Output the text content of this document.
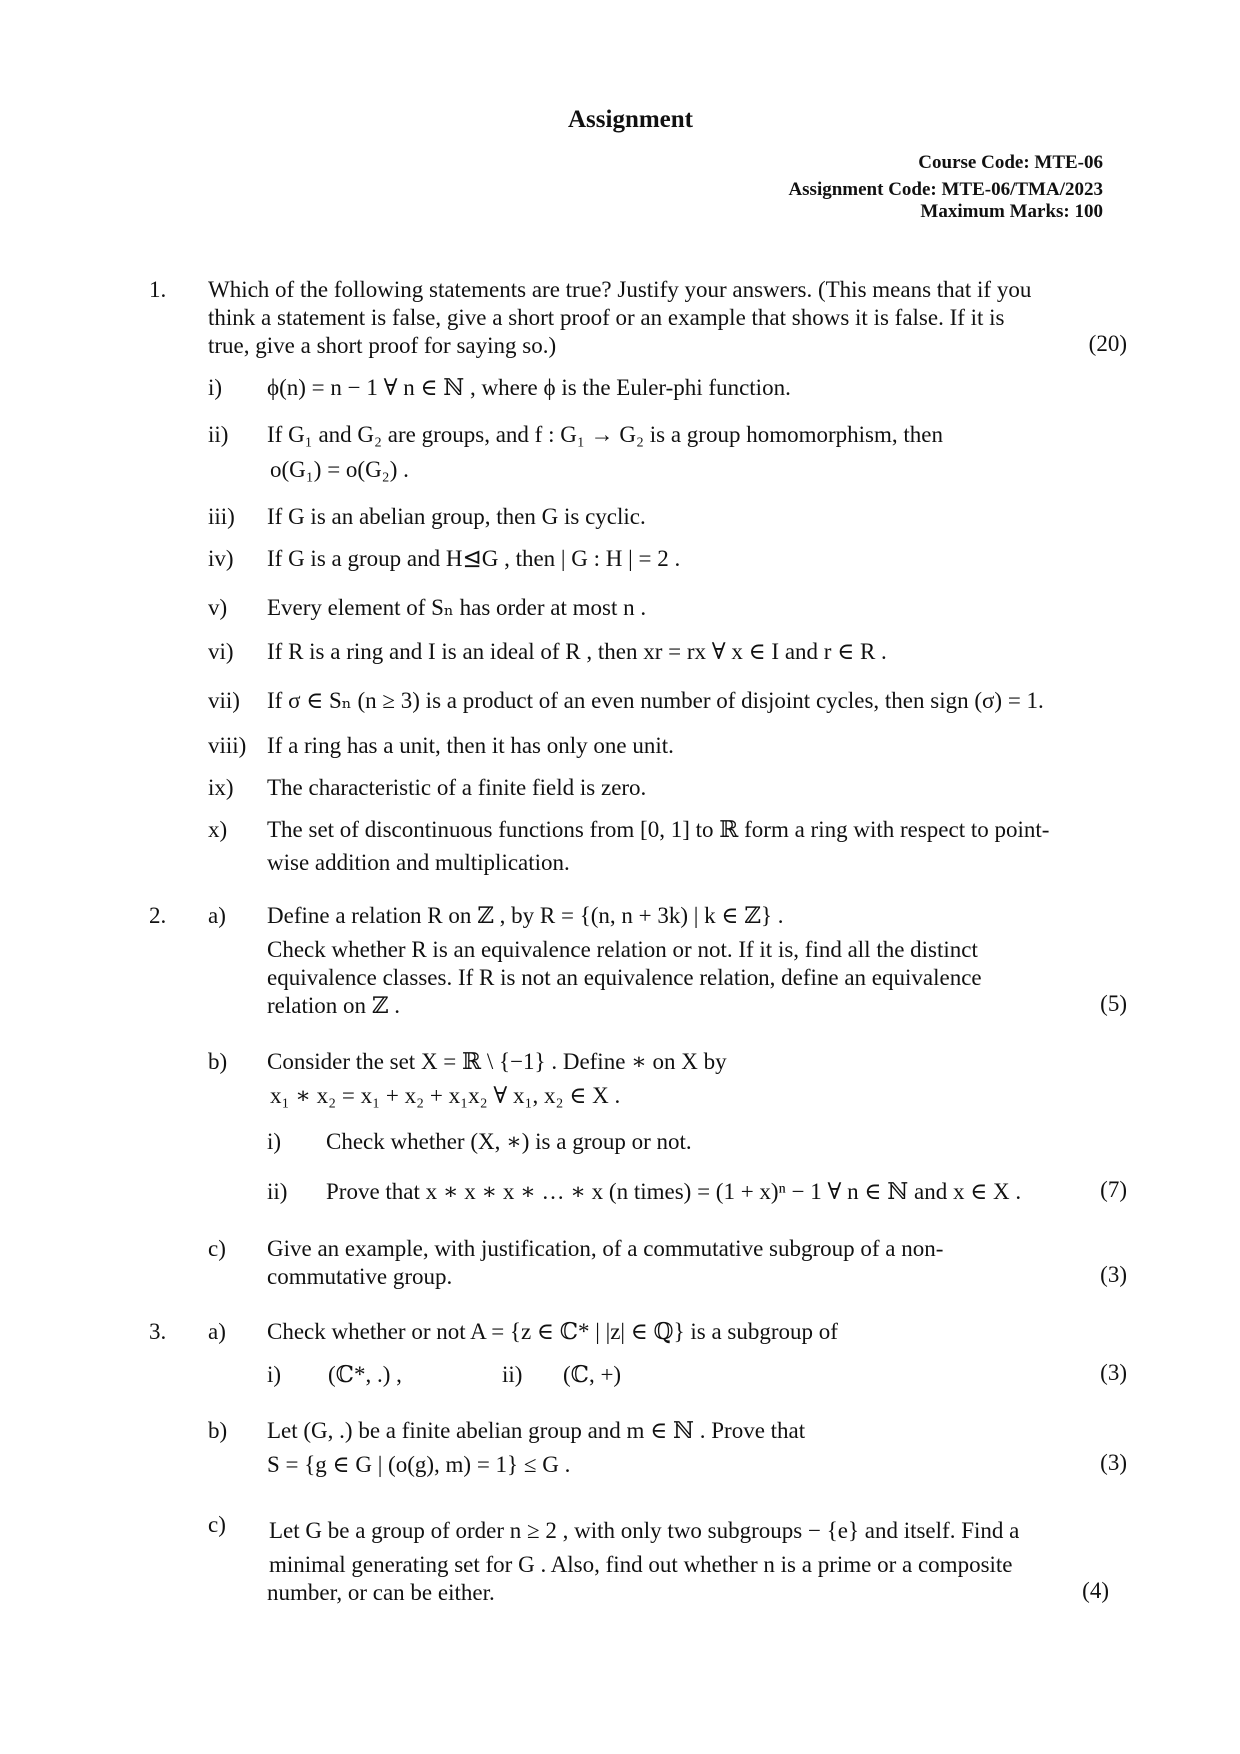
Assignment
Course Code: MTE-06
Assignment Code: MTE-06/TMA/2023
Maximum Marks: 100
1. Which of the following statements are true? Justify your answers. (This means that if you
think a statement is false, give a short proof or an example that shows it is false. If it is
true, give a short proof for saying so.)	(20)
i) ϕ(n) = n − 1 ∀ n ∈ ℕ , where ϕ is the Euler-phi function.
ii) If G₁ and G₂ are groups, and f : G₁ → G₂ is a group homomorphism, then
o(G₁) = o(G₂) .
iii) If G is an abelian group, then G is cyclic.
iv) If G is a group and H⊴G , then | G : H | = 2 .
v) Every element of Sₙ has order at most n .
vi) If R is a ring and I is an ideal of R , then xr = rx ∀ x ∈ I and r ∈ R .
vii) If σ ∈ Sₙ (n ≥ 3) is a product of an even number of disjoint cycles, then sign (σ) = 1.
viii) If a ring has a unit, then it has only one unit.
ix) The characteristic of a finite field is zero.
x) The set of discontinuous functions from [0, 1] to ℝ form a ring with respect to point-
wise addition and multiplication.
2. a) Define a relation R on ℤ , by R = {(n, n + 3k) | k ∈ ℤ} .
Check whether R is an equivalence relation or not. If it is, find all the distinct
equivalence classes. If R is not an equivalence relation, define an equivalence
relation on ℤ .	(5)
b) Consider the set X = ℝ \ {−1} . Define ∗ on X by
x₁ ∗ x₂ = x₁ + x₂ + x₁x₂ ∀ x₁, x₂ ∈ X .
i) Check whether (X, ∗) is a group or not.
ii) Prove that x ∗ x ∗ x ∗ … ∗ x (n times) = (1 + x)ⁿ − 1 ∀ n ∈ ℕ and x ∈ X .	(7)
c) Give an example, with justification, of a commutative subgroup of a non-
commutative group.	(3)
3. a) Check whether or not A = {z ∈ ℂ* | |z| ∈ ℚ} is a subgroup of
i) (ℂ*, .) ,	ii) (ℂ, +)	(3)
b) Let (G, .) be a finite abelian group and m ∈ ℕ . Prove that
S = {g ∈ G | (o(g), m) = 1} ≤ G .	(3)
c) Let G be a group of order n ≥ 2 , with only two subgroups − {e} and itself. Find a
minimal generating set for G . Also, find out whether n is a prime or a composite
number, or can be either.	(4)
